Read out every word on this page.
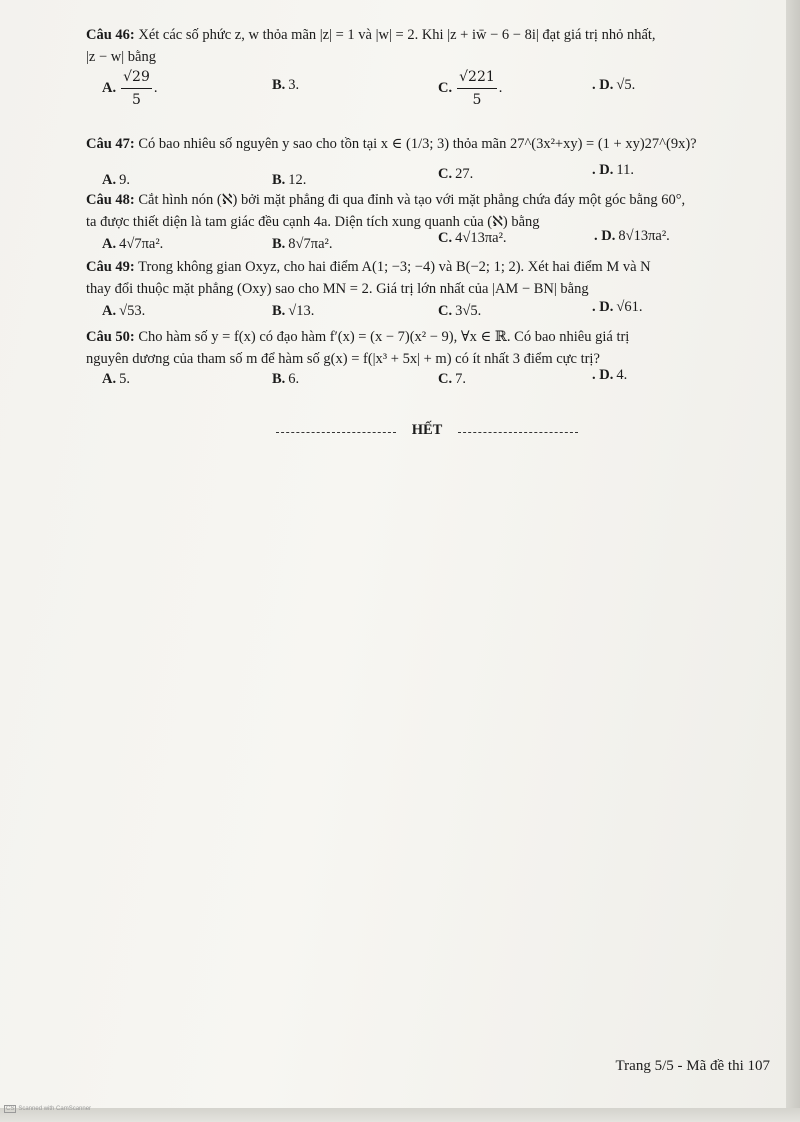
Câu 46: Xét các số phức z, w thỏa mãn |z| = 1 và |w| = 2. Khi |z + iw̄ − 6 − 8i| đạt giá trị nhỏ nhất,
|z − w| bằng
A. $\frac{√29}{5}$ .	B. 3.	C. $\frac{√221}{5}$ .	. D. √5.
Câu 47: Có bao nhiêu số nguyên y sao cho tồn tại x ∈ (1/3; 3) thỏa mãn 27^(3x²+xy) = (1 + xy)27^(9x)?
A. 9.	B. 12.	C. 27.	. D. 11.
Câu 48: Cắt hình nón (ℵ) bởi mặt phẳng đi qua đỉnh và tạo với mặt phẳng chứa đáy một góc bằng 60°,
ta được thiết diện là tam giác đều cạnh 4a. Diện tích xung quanh của (ℵ) bằng
A. 4√7πa².	B. 8√7πa².	C. 4√13πa².	. D. 8√13πa².
Câu 49: Trong không gian Oxyz, cho hai điểm A(1; −3; −4) và B(−2; 1; 2). Xét hai điểm M và N
thay đổi thuộc mặt phẳng (Oxy) sao cho MN = 2. Giá trị lớn nhất của |AM − BN| bằng
A. √53.	B. √13.	C. 3√5.	. D. √61.
Câu 50: Cho hàm số y = f(x) có đạo hàm f′(x) = (x − 7)(x² − 9), ∀x ∈ ℝ. Có bao nhiêu giá trị
nguyên dương của tham số m để hàm số g(x) = f(|x³ + 5x| + m) có ít nhất 3 điểm cực trị?
A. 5.	B. 6.	C. 7.	. D. 4.
HẾT
Trang 5/5 - Mã đề thi 107
CS Scanned with CamScanner
